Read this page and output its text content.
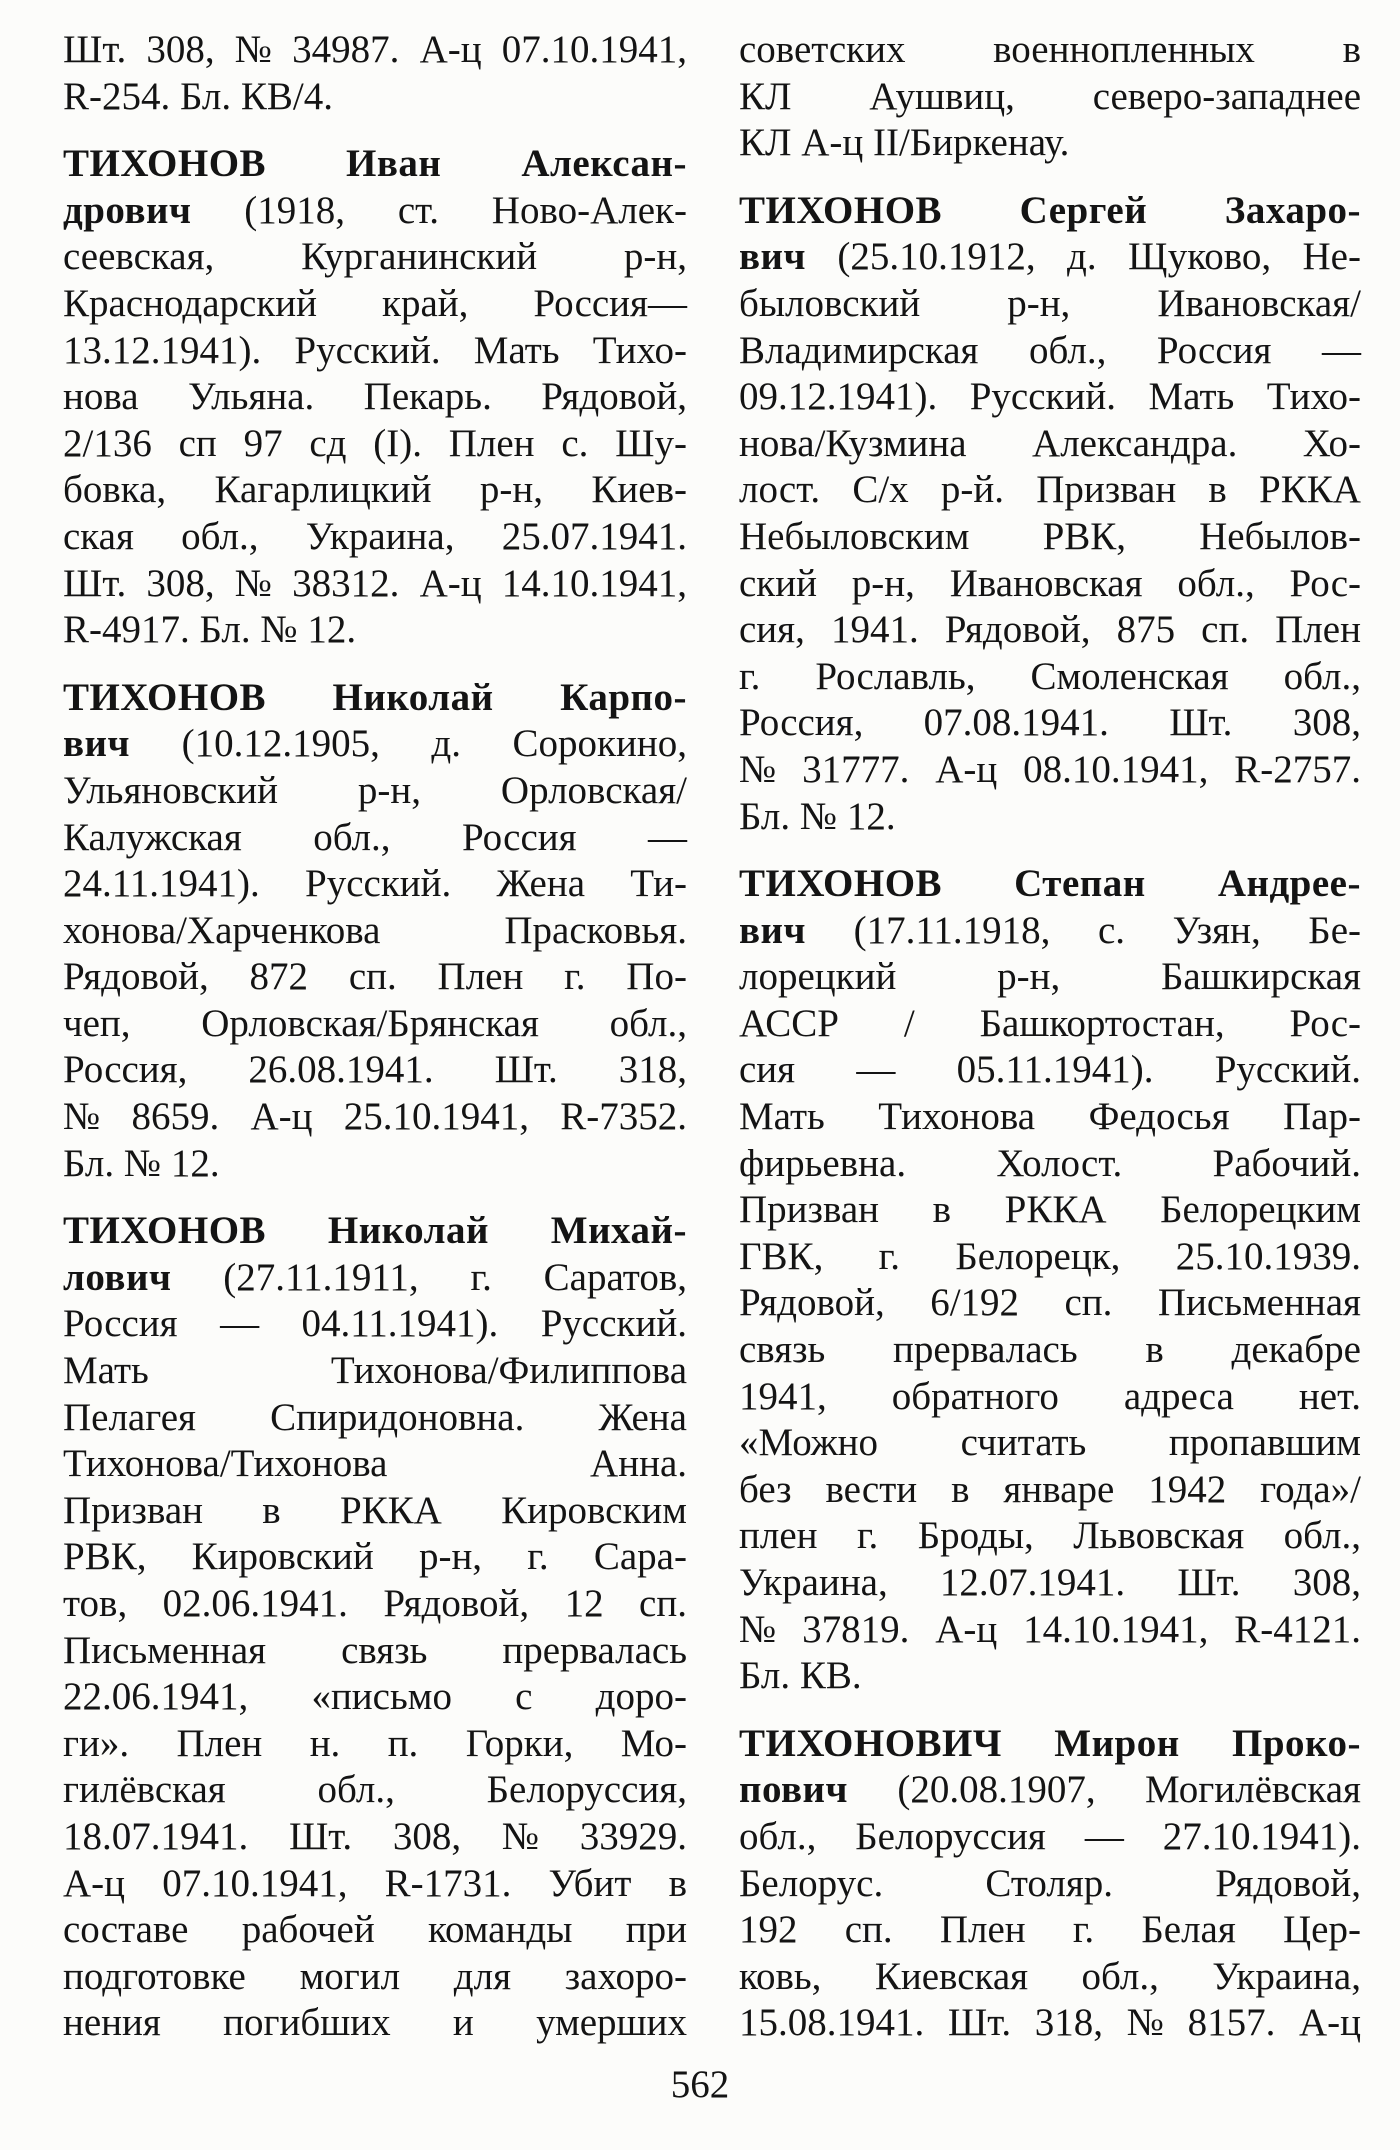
Шт. 308, № 34987. А-ц 07.10.1941,
R-254. Бл. КВ/4.
ТИХОНОВ Иван Алексан-
дрович (1918, ст. Ново-Алек-
сеевская, Курганинский р-н,
Краснодарский край, Россия—
13.12.1941). Русский. Мать Тихо-
нова Ульяна. Пекарь. Рядовой,
2/136 сп 97 сд (I). Плен с. Шу-
бовка, Кагарлицкий р-н, Киев-
ская обл., Украина, 25.07.1941.
Шт. 308, № 38312. А-ц 14.10.1941,
R-4917. Бл. № 12.
ТИХОНОВ Николай Карпо-
вич (10.12.1905, д. Сорокино,
Ульяновский р-н, Орловская/
Калужская обл., Россия —
24.11.1941). Русский. Жена Ти-
хонова/Харченкова	Прасковья.
Рядовой, 872 сп. Плен г. По-
чеп, Орловская/Брянская обл.,
Россия, 26.08.1941. Шт. 318,
№ 8659. А-ц 25.10.1941, R-7352.
Бл. № 12.
ТИХОНОВ Николай Михай-
лович (27.11.1911, г. Саратов,
Россия — 04.11.1941). Русский.
Мать	Тихонова/Филиппова
Пелагея Спиридоновна. Жена
Тихонова/Тихонова	Анна.
Призван в РККА Кировским
РВК, Кировский р-н, г. Сара-
тов, 02.06.1941. Рядовой, 12 сп.
Письменная связь прервалась
22.06.1941, «письмо с доро-
ги». Плен н. п. Горки, Мо-
гилёвская обл., Белоруссия,
18.07.1941. Шт. 308, № 33929.
А-ц 07.10.1941, R-1731. Убит в
составе рабочей команды при
подготовке могил для захоро-
нения погибших и умерших
советских военнопленных в
КЛ Аушвиц, северо-западнее
КЛ А-ц II/Биркенау.
ТИХОНОВ Сергей Захаро-
вич (25.10.1912, д. Щуково, Не-
быловский р-н, Ивановская/
Владимирская обл., Россия —
09.12.1941). Русский. Мать Тихо-
нова/Кузмина Александра. Хо-
лост. С/х р-й. Призван в РККА
Небыловским РВК, Небылов-
ский р-н, Ивановская обл., Рос-
сия, 1941. Рядовой, 875 сп. Плен
г. Рославль, Смоленская обл.,
Россия, 07.08.1941. Шт. 308,
№ 31777. А-ц 08.10.1941, R-2757.
Бл. № 12.
ТИХОНОВ Степан Андрее-
вич (17.11.1918, с. Узян, Бе-
лорецкий	р-н,	Башкирская
АССР / Башкортостан, Рос-
сия — 05.11.1941). Русский.
Мать Тихонова Федосья Пар-
фирьевна. Холост. Рабочий.
Призван в РККА Белорецким
ГВК, г. Белорецк, 25.10.1939.
Рядовой, 6/192 сп. Письменная
связь прервалась в декабре
1941, обратного адреса нет.
«Можно считать пропавшим
без вести в январе 1942 года»/
плен г. Броды, Львовская обл.,
Украина, 12.07.1941. Шт. 308,
№ 37819. А-ц 14.10.1941, R-4121.
Бл. КВ.
ТИХОНОВИЧ Мирон Проко-
пович (20.08.1907, Могилёвская
обл., Белоруссия — 27.10.1941).
Белорус.	Столяр.	Рядовой,
192 сп. Плен г. Белая Цер-
ковь, Киевская обл., Украина,
15.08.1941. Шт. 318, № 8157. А-ц
562
